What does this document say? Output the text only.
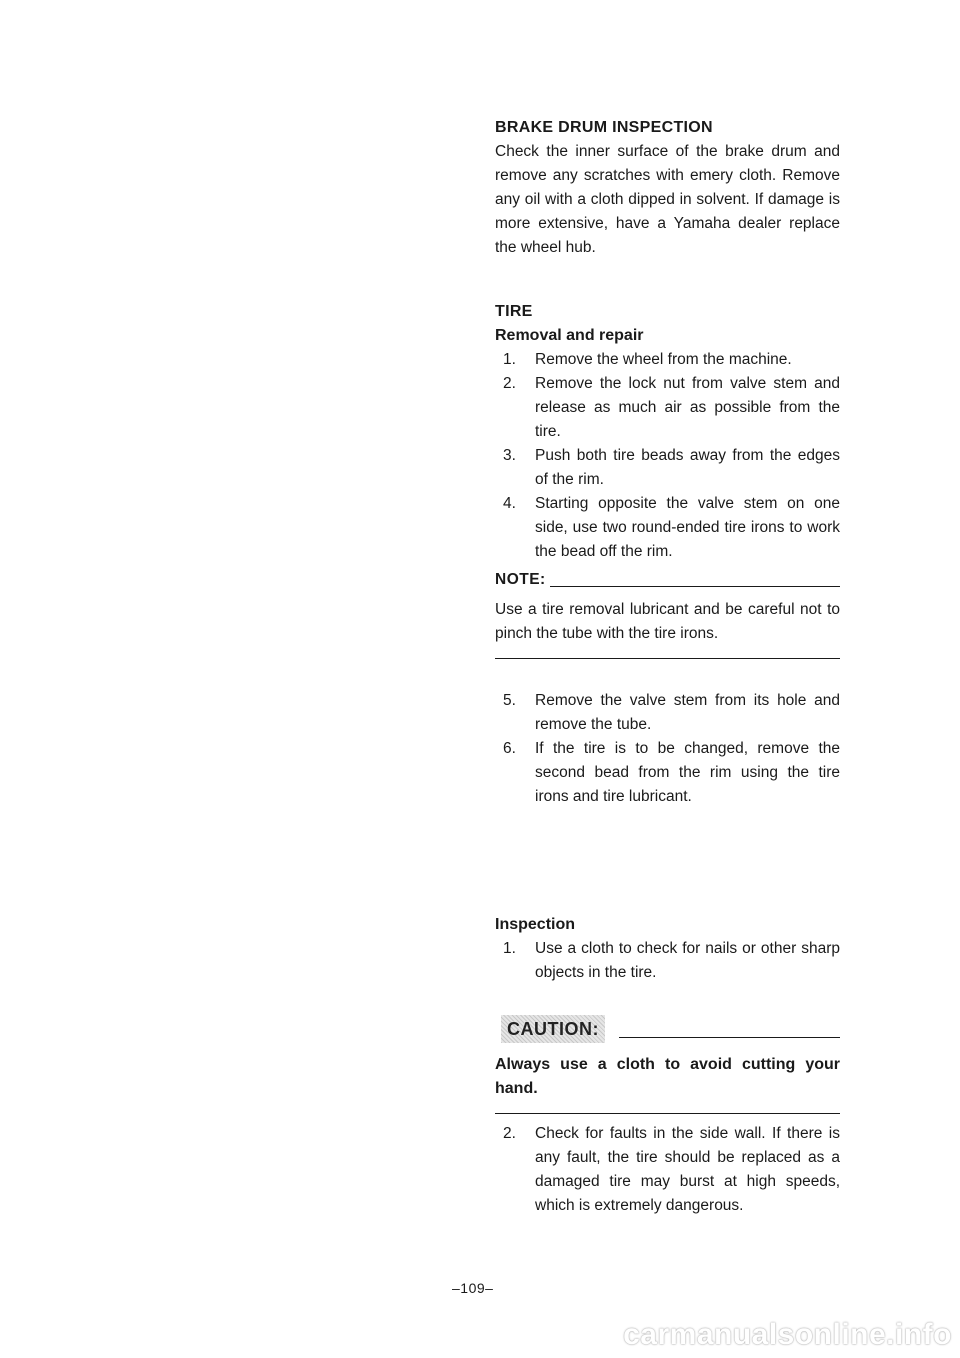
BRAKE DRUM INSPECTION

Check the inner surface of the brake drum and remove any scratches with emery cloth. Remove any oil with a cloth dipped in solvent. If damage is more extensive, have a Yamaha dealer replace the wheel hub.

TIRE
Removal and repair
1. Remove the wheel from the machine.
2. Remove the lock nut from valve stem and release as much air as possible from the tire.
3. Push both tire beads away from the edges of the rim.
4. Starting opposite the valve stem on one side, use two round-ended tire irons to work the bead off the rim.
NOTE:

Use a tire removal lubricant and be careful not to pinch the tube with the tire irons.

5. Remove the valve stem from its hole and remove the tube.
6. If the tire is to be changed, remove the second bead from the rim using the tire irons and tire lubricant.
Inspection
1. Use a cloth to check for nails or other sharp objects in the tire.
CAUTION:

Always use a cloth to avoid cutting your hand.

2. Check for faults in the side wall. If there is any fault, the tire should be replaced as a damaged tire may burst at high speeds, which is extremely dangerous.
–109–
carmanualsonline.info
